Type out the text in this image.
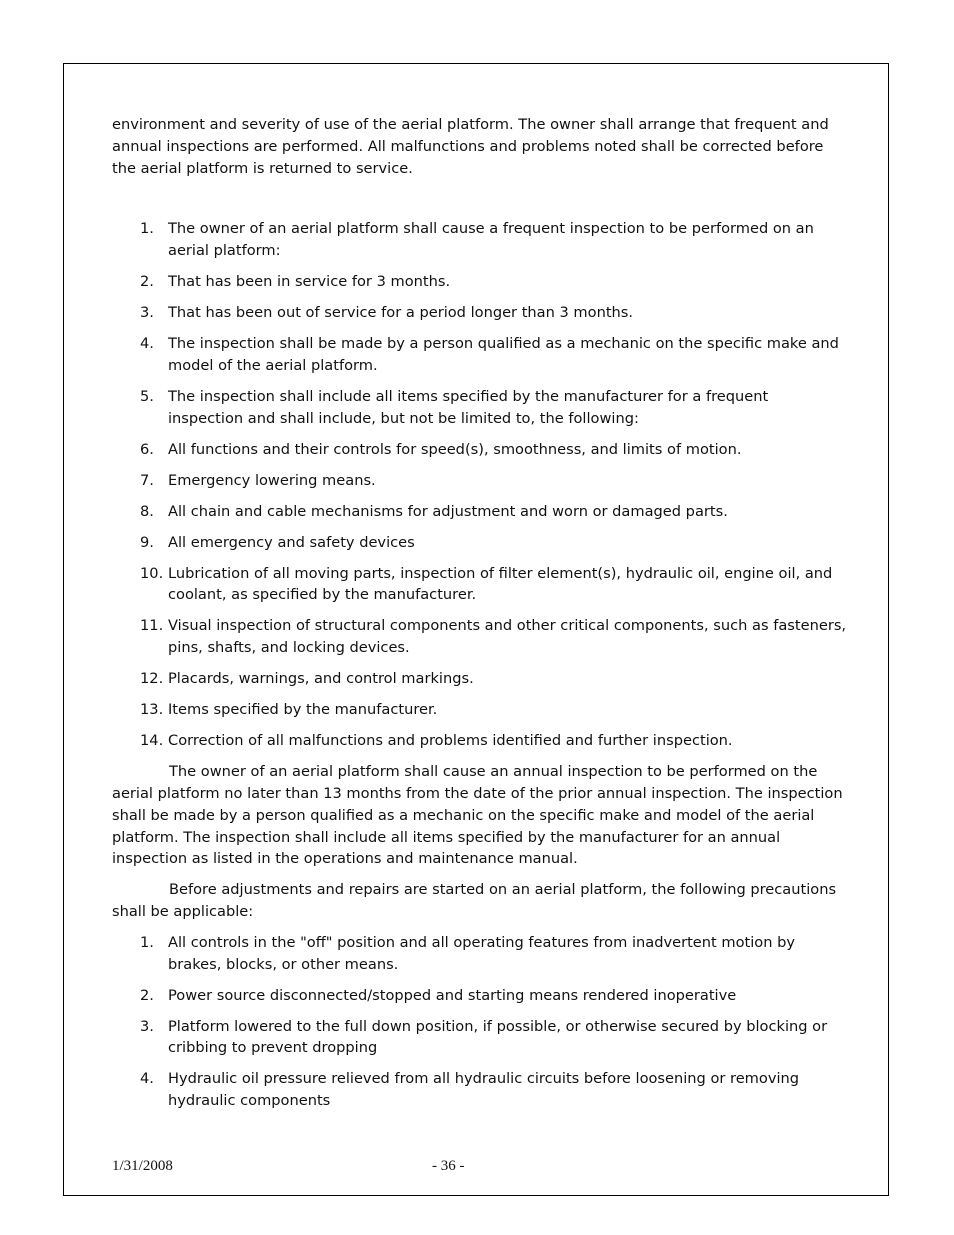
environment and severity of use of the aerial platform. The owner shall arrange that frequent and annual inspections are performed. All malfunctions and problems noted shall be corrected before the aerial platform is returned to service.

1. The owner of an aerial platform shall cause a frequent inspection to be performed on an aerial platform:
2. That has been in service for 3 months.
3. That has been out of service for a period longer than 3 months.
4. The inspection shall be made by a person qualified as a mechanic on the specific make and model of the aerial platform.
5. The inspection shall include all items specified by the manufacturer for a frequent inspection and shall include, but not be limited to, the following:
6. All functions and their controls for speed(s), smoothness, and limits of motion.
7. Emergency lowering means.
8. All chain and cable mechanisms for adjustment and worn or damaged parts.
9. All emergency and safety devices
10. Lubrication of all moving parts, inspection of filter element(s), hydraulic oil, engine oil, and coolant, as specified by the manufacturer.
11. Visual inspection of structural components and other critical components, such as fasteners, pins, shafts, and locking devices.
12. Placards, warnings, and control markings.
13. Items specified by the manufacturer.
14. Correction of all malfunctions and problems identified and further inspection.

The owner of an aerial platform shall cause an annual inspection to be performed on the aerial platform no later than 13 months from the date of the prior annual inspection. The inspection shall be made by a person qualified as a mechanic on the specific make and model of the aerial platform. The inspection shall include all items specified by the manufacturer for an annual inspection as listed in the operations and maintenance manual.

Before adjustments and repairs are started on an aerial platform, the following precautions shall be applicable:

1. All controls in the "off" position and all operating features from inadvertent motion by brakes, blocks, or other means.
2. Power source disconnected/stopped and starting means rendered inoperative
3. Platform lowered to the full down position, if possible, or otherwise secured by blocking or cribbing to prevent dropping
4. Hydraulic oil pressure relieved from all hydraulic circuits before loosening or removing hydraulic components
1/31/2008	- 36 -
